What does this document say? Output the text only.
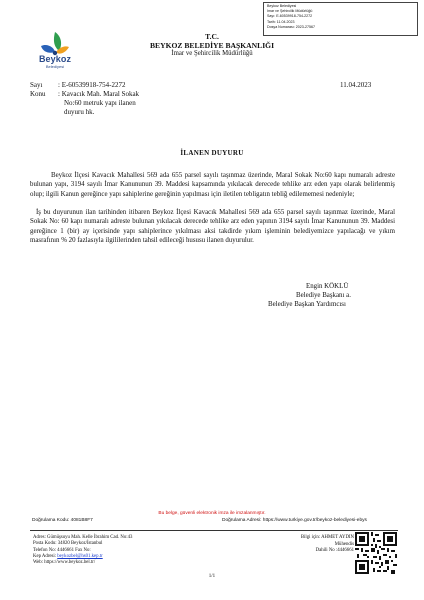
Beykoz Belediyesi
İmar ve Şehircilik Müdürlüğü
Sayı: E-60539918-754-2272
Tarih: 11.04.2023
Dosya Numarası: 2023-27567
Beykoz
Belediyesi
T.C.
BEYKOZ BELEDİYE BAŞKANLIĞI
İmar ve Şehircilik Müdürlüğü
Sayı : E-60539918-754-2272
Konu : Kavacık Mah. Maral Sokak
No:60 metruk yapı ilanen
duyuru hk.
11.04.2023
İLANEN DUYURU
Beykoz İlçesi Kavacık Mahallesi 569 ada 655 parsel sayılı taşınmaz üzerinde, Maral Sokak No:60 kapı numaralı adreste bulunan yapı, 3194 sayılı İmar Kanununun 39. Maddesi kapsamında yıkılacak derecede tehlike arz eden yapı olarak belirlenmiş olup; ilgili Kanun gereğince yapı sahiplerine gereğinin yapılması için iletilen tebligatın tebliğ edilememesi nedeniyle;
İş bu duyurunun ilan tarihinden itibaren Beykoz İlçesi Kavacık Mahallesi 569 ada 655 parsel sayılı taşınmaz üzerinde, Maral Sokak No: 60 kapı numaralı adreste bulunan yıkılacak derecede tehlike arz eden yapının 3194 sayılı İmar Kanununun 39. Maddesi gereğince 1 (bir) ay içerisinde yapı sahiplerince yıkılması aksi takdirde yıkım işleminin belediyemizce yapılacağı ve yıkım masrafının % 20 fazlasıyla ilgililerinden tahsil edileceği hususu ilanen duyurulur.
Engin KÖKLÜ
Belediye Başkanı a.
Belediye Başkan Yardımcısı
Bu belge, güvenli elektronik imza ile imzalanmıştır.
Doğrulama Kodu: 4081B8F7	Doğrulama Adresi: https://www.turkiye.gov.tr/beykoz-belediyesi-ebys
Adres: Gümüşsuyu Mah. Kelle İbrahim Cad. No:43
Posta Kodu: 34820 Beykoz/İstanbul
Telefon No: 4446661 Fax No:
Kep Adresi: beykozbel@hs01.kep.tr
Web: https://www.beykoz.bel.tr/
Bilgi için: AHMET AYDIN
Mühendis
Dahili No :4446661
1/1
